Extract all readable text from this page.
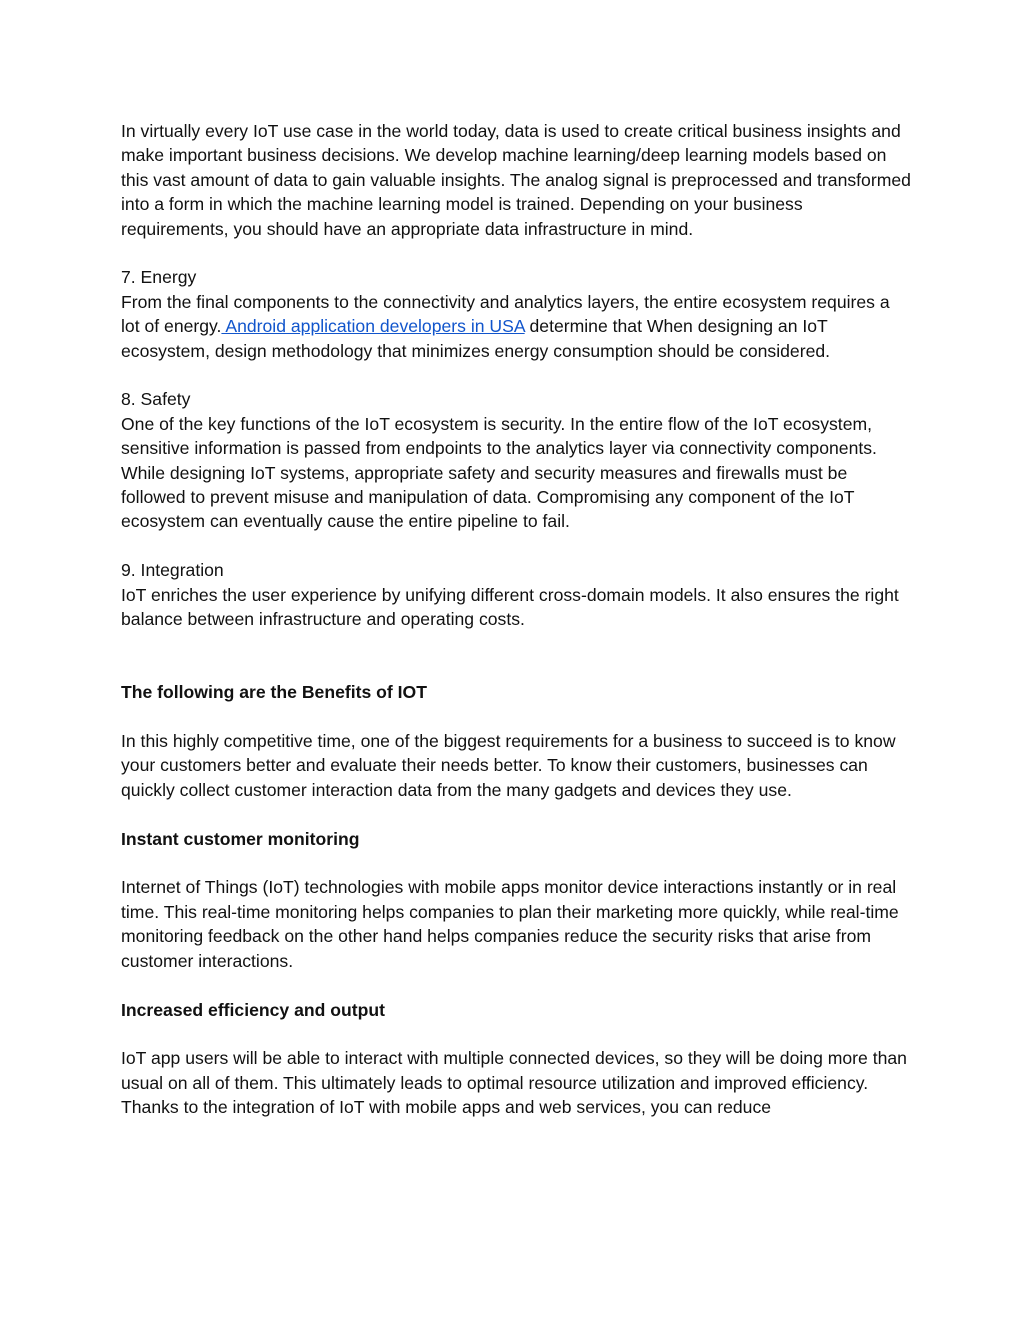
In virtually every IoT use case in the world today, data is used to create critical business insights and make important business decisions. We develop machine learning/deep learning models based on this vast amount of data to gain valuable insights. The analog signal is preprocessed and transformed into a form in which the machine learning model is trained. Depending on your business requirements, you should have an appropriate data infrastructure in mind.

7. Energy

From the final components to the connectivity and analytics layers, the entire ecosystem requires a lot of energy. Android application developers in USA determine that When designing an IoT ecosystem, design methodology that minimizes energy consumption should be considered.

8. Safety

One of the key functions of the IoT ecosystem is security. In the entire flow of the IoT ecosystem, sensitive information is passed from endpoints to the analytics layer via connectivity components. While designing IoT systems, appropriate safety and security measures and firewalls must be followed to prevent misuse and manipulation of data. Compromising any component of the IoT ecosystem can eventually cause the entire pipeline to fail.

9. Integration

IoT enriches the user experience by unifying different cross-domain models. It also ensures the right balance between infrastructure and operating costs.

The following are the Benefits of IOT

In this highly competitive time, one of the biggest requirements for a business to succeed is to know your customers better and evaluate their needs better. To know their customers, businesses can quickly collect customer interaction data from the many gadgets and devices they use.

Instant customer monitoring

Internet of Things (IoT) technologies with mobile apps monitor device interactions instantly or in real time. This real-time monitoring helps companies to plan their marketing more quickly, while real-time monitoring feedback on the other hand helps companies reduce the security risks that arise from customer interactions.

Increased efficiency and output

IoT app users will be able to interact with multiple connected devices, so they will be doing more than usual on all of them. This ultimately leads to optimal resource utilization and improved efficiency. Thanks to the integration of IoT with mobile apps and web services, you can reduce
